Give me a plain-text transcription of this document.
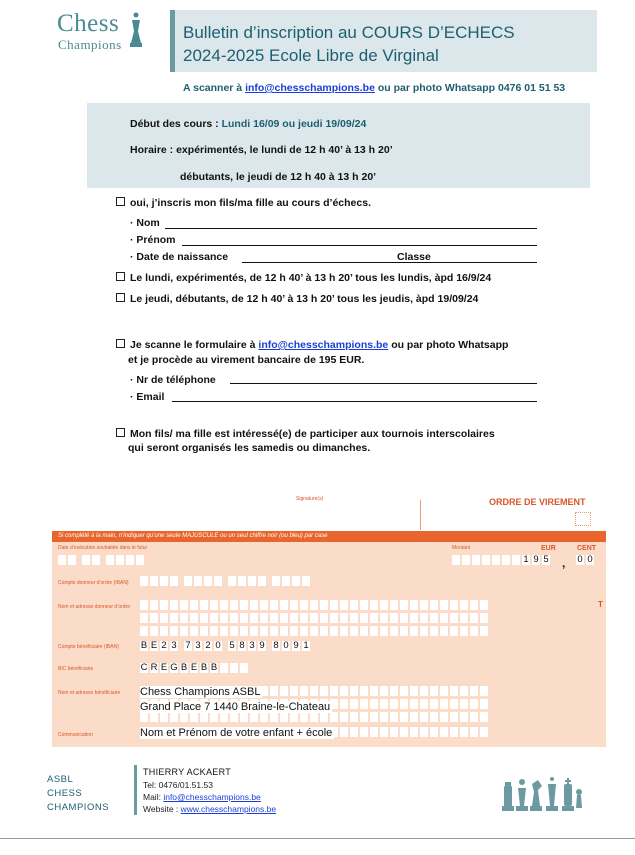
Chess
Champions
Bulletin d’inscription au COURS D’ECHECS
2024-2025 Ecole Libre de Virginal
A scanner à info@chesschampions.be ou par photo Whatsapp 0476 01 51 53
Début des cours : Lundi 16/09 ou jeudi 19/09/24
Horaire : expérimentés, le lundi de 12 h 40’ à 13 h 20’
débutants, le jeudi de 12 h 40 à 13 h 20’
oui, j’inscris mon fils/ma fille au cours d’échecs.
· Nom
· Prénom
· Date de naissance	Classe
Le lundi, expérimentés, de 12 h 40’ à 13 h 20’ tous les lundis, àpd 16/9/24
Le jeudi, débutants, de 12 h 40’ à 13 h 20’ tous les jeudis, àpd 19/09/24
Je scanne le formulaire à info@chesschampions.be ou par photo Whatsapp
et je procède au virement bancaire de 195 EUR.
· Nr de téléphone
· Email
Mon fils/ ma fille est intéressé(e) de participer aux tournois interscolaires
qui seront organisés les samedis ou dimanches.
Signature(s)	ORDRE DE VIREMENT
Si complété à la main, n’indiquer qu’une seule MAJUSCULE ou un seul chiffre noir (ou bleu) par case
Date d’exécution souhaitée dans le futur	Montant	EUR	CENT
1 9 5 , 0 0
Compte donneur d’ordre (IBAN)
Nom et adresse donneur d’ordre	T
Compte bénéficiaire (IBAN) B E 2 3 7 3 2 0 5 8 3 9 8 0 9 1
BIC bénéficiaire	C R E G B E B B
Nom et adresse bénéficiaire Chess Champions ASBL
Grand Place 7 1440 Braine-le-Chateau
Communication	Nom et Prénom de votre enfant + école
ASBL
CHESS
CHAMPIONS
THIERRY ACKAERT
Tel: 0476/01.51.53
Mail: info@chesschampions.be
Website : www.chesschampions.be
